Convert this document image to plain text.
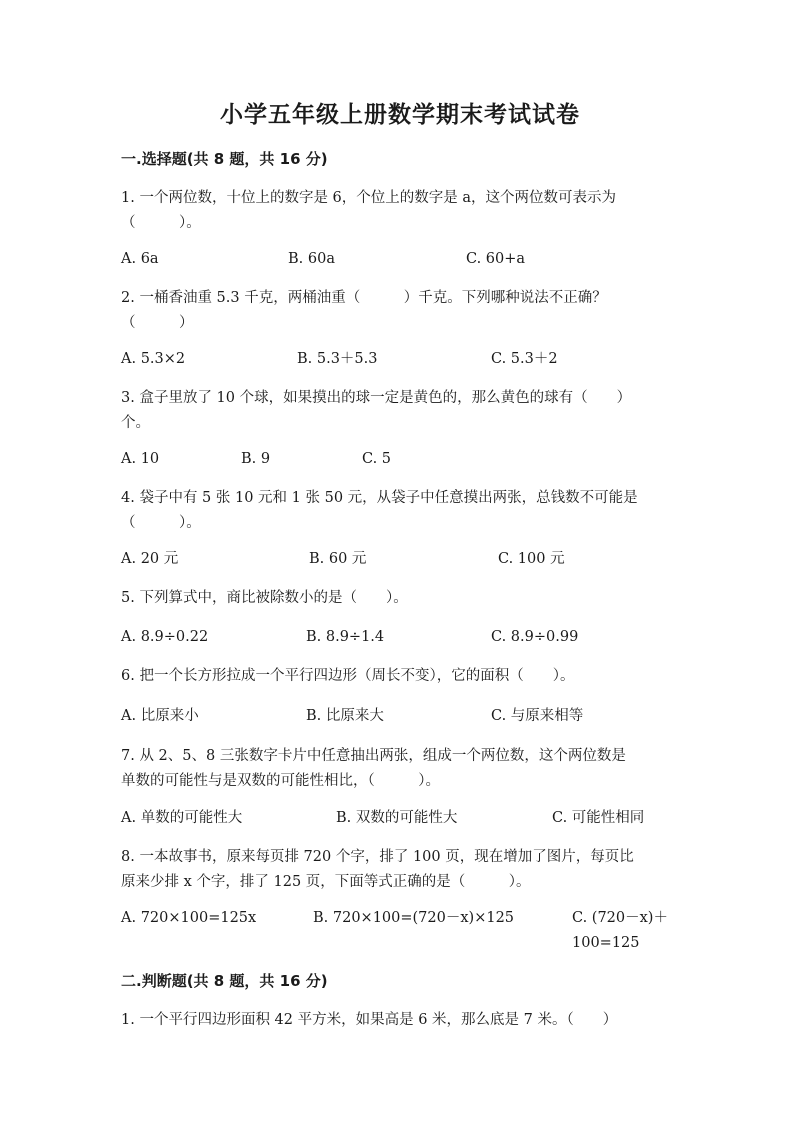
小学五年级上册数学期末考试试卷
一.选择题(共 8 题，共 16 分)
1. 一个两位数，十位上的数字是 6，个位上的数字是 a，这个两位数可表示为
（　　　）。
A. 6a	B. 60a	C. 60+a
2. 一桶香油重 5.3 千克，两桶油重（　　　）千克。下列哪种说法不正确？
（　　　）
A. 5.3×2	B. 5.3＋5.3	C. 5.3＋2
3. 盒子里放了 10 个球，如果摸出的球一定是黄色的，那么黄色的球有（　　）
个。
A. 10	B. 9	C. 5
4. 袋子中有 5 张 10 元和 1 张 50 元，从袋子中任意摸出两张，总钱数不可能是
（　　　）。
A. 20 元	B. 60 元	C. 100 元
5. 下列算式中，商比被除数小的是（　　）。
A. 8.9÷0.22	B. 8.9÷1.4	C. 8.9÷0.99
6. 把一个长方形拉成一个平行四边形（周长不变），它的面积（　　）。
A. 比原来小	B. 比原来大	C. 与原来相等
7. 从 2、5、8 三张数字卡片中任意抽出两张，组成一个两位数，这个两位数是
单数的可能性与是双数的可能性相比，（　　　）。
A. 单数的可能性大	B. 双数的可能性大	C. 可能性相同
8. 一本故事书，原来每页排 720 个字，排了 100 页，现在增加了图片，每页比
原来少排 x 个字，排了 125 页，下面等式正确的是（　　　）。
A. 720×100=125x	B. 720×100=(720－x)×125	C. (720－x)＋100=125
二.判断题(共 8 题，共 16 分)
1. 一个平行四边形面积 42 平方米，如果高是 6 米，那么底是 7 米。（　　）
